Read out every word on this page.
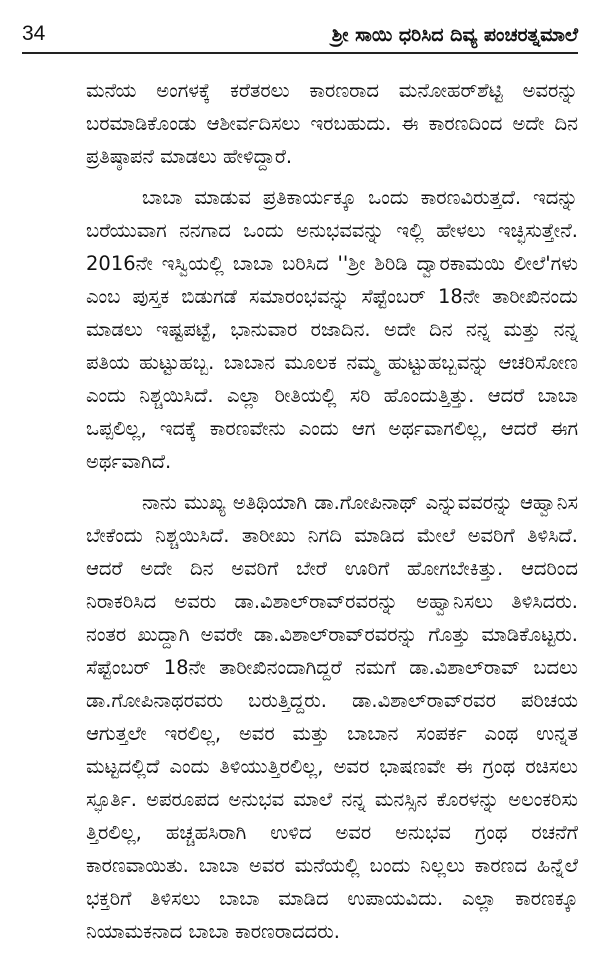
34	ಶ್ರೀ ಸಾಯಿ ಧರಿಸಿದ ದಿವ್ಯ ಪಂಚರತ್ನಮಾಲೆ
ಮನೆಯ ಅಂಗಳಕ್ಕೆ ಕರೆತರಲು ಕಾರಣರಾದ ಮನೋಹರ್‌ಶೆಟ್ಟಿ ಅವರನ್ನು
ಬರಮಾಡಿಕೊಂಡು ಆಶೀರ್ವದಿಸಲು ಇರಬಹುದು. ಈ ಕಾರಣದಿಂದ ಅದೇ ದಿನ
ಪ್ರತಿಷ್ಠಾಪನೆ ಮಾಡಲು ಹೇಳಿದ್ದಾರೆ.
ಬಾಬಾ ಮಾಡುವ ಪ್ರತಿಕಾರ್ಯಕ್ಕೂ ಒಂದು ಕಾರಣವಿರುತ್ತದೆ. ಇದನ್ನು
ಬರೆಯುವಾಗ ನನಗಾದ ಒಂದು ಅನುಭವವನ್ನು ಇಲ್ಲಿ ಹೇಳಲು ಇಚ್ಛಿಸುತ್ತೇನೆ.
2016ನೇ ಇಸ್ವಿಯಲ್ಲಿ ಬಾಬಾ ಬರಿಸಿದ ''ಶ್ರೀ ಶಿರಿಡಿ ದ್ವಾರಕಾಮಯಿ ಲೀಲೆ'ಗಳು
ಎಂಬ ಪುಸ್ತಕ ಬಿಡುಗಡೆ ಸಮಾರಂಭವನ್ನು ಸೆಪ್ಟೆಂಬರ್ 18ನೇ ತಾರೀಖಿನಂದು
ಮಾಡಲು ಇಷ್ಟಪಟ್ಟೆ, ಭಾನುವಾರ ರಜಾದಿನ. ಅದೇ ದಿನ ನನ್ನ ಮತ್ತು ನನ್ನ
ಪತಿಯ ಹುಟ್ಟುಹಬ್ಬ. ಬಾಬಾನ ಮೂಲಕ ನಮ್ಮ ಹುಟ್ಟುಹಬ್ಬವನ್ನು ಆಚರಿಸೋಣ
ಎಂದು ನಿಶ್ಚಯಿಸಿದೆ. ಎಲ್ಲಾ ರೀತಿಯಲ್ಲಿ ಸರಿ ಹೊಂದುತ್ತಿತ್ತು. ಆದರೆ ಬಾಬಾ
ಒಪ್ಪಲಿಲ್ಲ, ಇದಕ್ಕೆ ಕಾರಣವೇನು ಎಂದು ಆಗ ಅರ್ಥವಾಗಲಿಲ್ಲ, ಆದರೆ ಈಗ
ಅರ್ಥವಾಗಿದೆ.
ನಾನು ಮುಖ್ಯ ಅತಿಥಿಯಾಗಿ ಡಾ.ಗೋಪಿನಾಥ್ ಎನ್ನುವವರನ್ನು ಆಹ್ವಾನಿಸ
ಬೇಕೆಂದು ನಿಶ್ಚಯಿಸಿದೆ. ತಾರೀಖು ನಿಗದಿ ಮಾಡಿದ ಮೇಲೆ ಅವರಿಗೆ ತಿಳಿಸಿದೆ.
ಆದರೆ ಅದೇ ದಿನ ಅವರಿಗೆ ಬೇರೆ ಊರಿಗೆ ಹೋಗಬೇಕಿತ್ತು. ಆದರಿಂದ
ನಿರಾಕರಿಸಿದ ಅವರು ಡಾ.ವಿಶಾಲ್‌ರಾವ್‌ರವರನ್ನು ಅಹ್ವಾನಿಸಲು ತಿಳಿಸಿದರು.
ನಂತರ ಖುದ್ದಾಗಿ ಅವರೇ ಡಾ.ವಿಶಾಲ್‌ರಾವ್‌ರವರನ್ನು ಗೊತ್ತು ಮಾಡಿಕೊಟ್ಟರು.
ಸೆಪ್ಟೆಂಬರ್ 18ನೇ ತಾರೀಖಿನಂದಾಗಿದ್ದರೆ ನಮಗೆ ಡಾ.ವಿಶಾಲ್‌ರಾವ್ ಬದಲು
ಡಾ.ಗೋಪಿನಾಥರವರು ಬರುತ್ತಿದ್ದರು. ಡಾ.ವಿಶಾಲ್‌ರಾವ್‌ರವರ ಪರಿಚಯ
ಆಗುತ್ತಲೇ ಇರಲಿಲ್ಲ, ಅವರ ಮತ್ತು ಬಾಬಾನ ಸಂಪರ್ಕ ಎಂಥ ಉನ್ನತ
ಮಟ್ಟದಲ್ಲಿದೆ ಎಂದು ತಿಳಿಯುತ್ತಿರಲಿಲ್ಲ, ಅವರ ಭಾಷಣವೇ ಈ ಗ್ರಂಥ ರಚಿಸಲು
ಸ್ಫೂರ್ತಿ. ಅಪರೂಪದ ಅನುಭವ ಮಾಲೆ ನನ್ನ ಮನಸ್ಸಿನ ಕೊರಳನ್ನು ಅಲಂಕರಿಸು
ತ್ತಿರಲಿಲ್ಲ, ಹಚ್ಚಹಸಿರಾಗಿ ಉಳಿದ ಅವರ ಅನುಭವ ಗ್ರಂಥ ರಚನೆಗೆ
ಕಾರಣವಾಯಿತು. ಬಾಬಾ ಅವರ ಮನೆಯಲ್ಲಿ ಬಂದು ನಿಲ್ಲಲು ಕಾರಣದ ಹಿನ್ನೆಲೆ
ಭಕ್ತರಿಗೆ ತಿಳಿಸಲು ಬಾಬಾ ಮಾಡಿದ ಉಪಾಯವಿದು. ಎಲ್ಲಾ ಕಾರಣಕ್ಕೂ
ನಿಯಾಮಕನಾದ ಬಾಬಾ ಕಾರಣರಾದದರು.
